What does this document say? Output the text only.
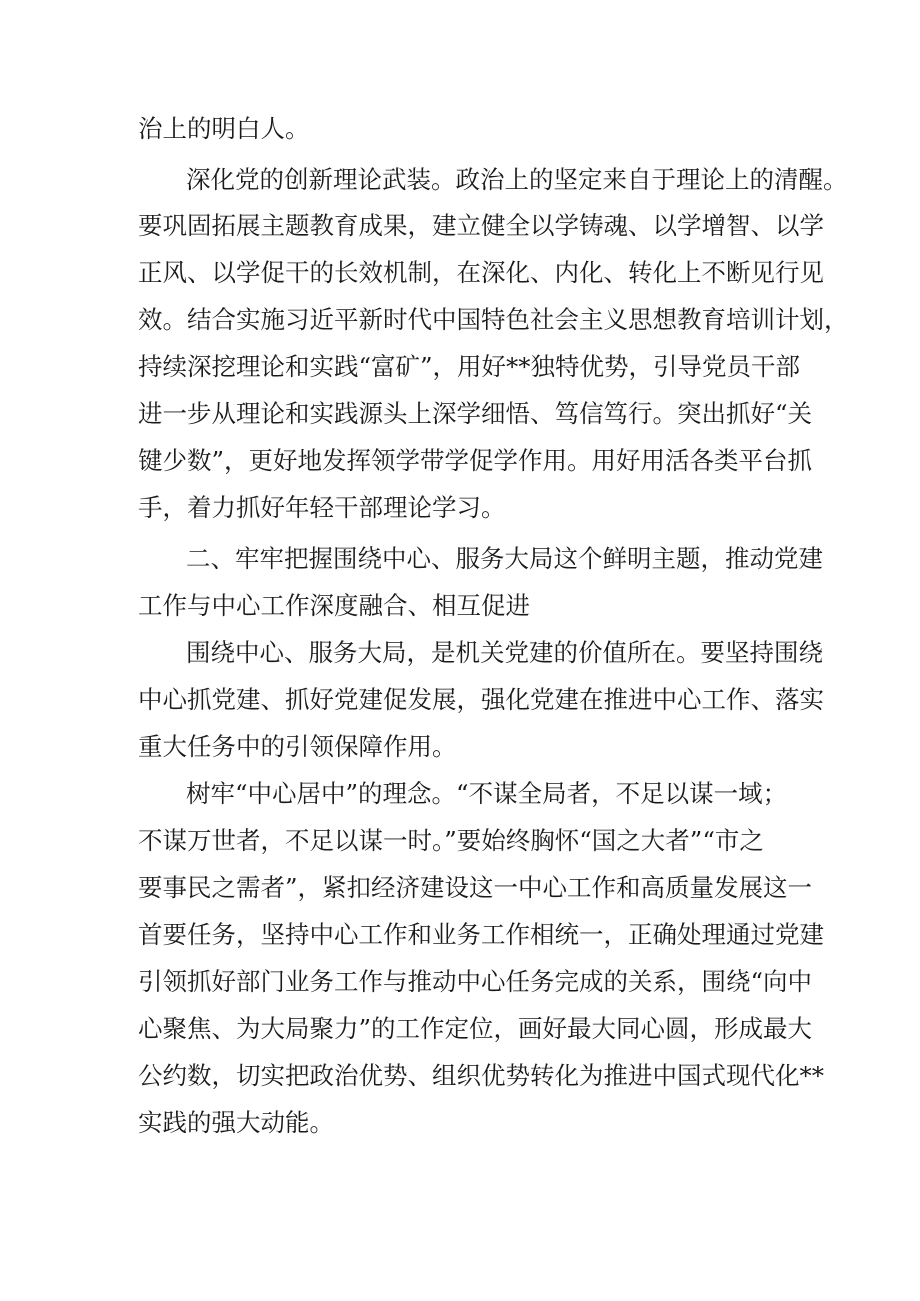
治上的明白人。

深化党的创新理论武装。政治上的坚定来自于理论上的清醒。

要巩固拓展主题教育成果，建立健全以学铸魂、以学增智、以学

正风、以学促干的长效机制，在深化、内化、转化上不断见行见

效。结合实施习近平新时代中国特色社会主义思想教育培训计划，

持续深挖理论和实践“富矿”，用好**独特优势，引导党员干部

进一步从理论和实践源头上深学细悟、笃信笃行。突出抓好“关

键少数”，更好地发挥领学带学促学作用。用好用活各类平台抓

手，着力抓好年轻干部理论学习。

二、牢牢把握围绕中心、服务大局这个鲜明主题，推动党建

工作与中心工作深度融合、相互促进

围绕中心、服务大局，是机关党建的价值所在。要坚持围绕

中心抓党建、抓好党建促发展，强化党建在推进中心工作、落实

重大任务中的引领保障作用。

树牢“中心居中”的理念。“不谋全局者，不足以谋一域；

不谋万世者，不足以谋一时。”要始终胸怀“国之大者”“市之

要事民之需者”，紧扣经济建设这一中心工作和高质量发展这一

首要任务，坚持中心工作和业务工作相统一，正确处理通过党建

引领抓好部门业务工作与推动中心任务完成的关系，围绕“向中

心聚焦、为大局聚力”的工作定位，画好最大同心圆，形成最大

公约数，切实把政治优势、组织优势转化为推进中国式现代化**

实践的强大动能。
